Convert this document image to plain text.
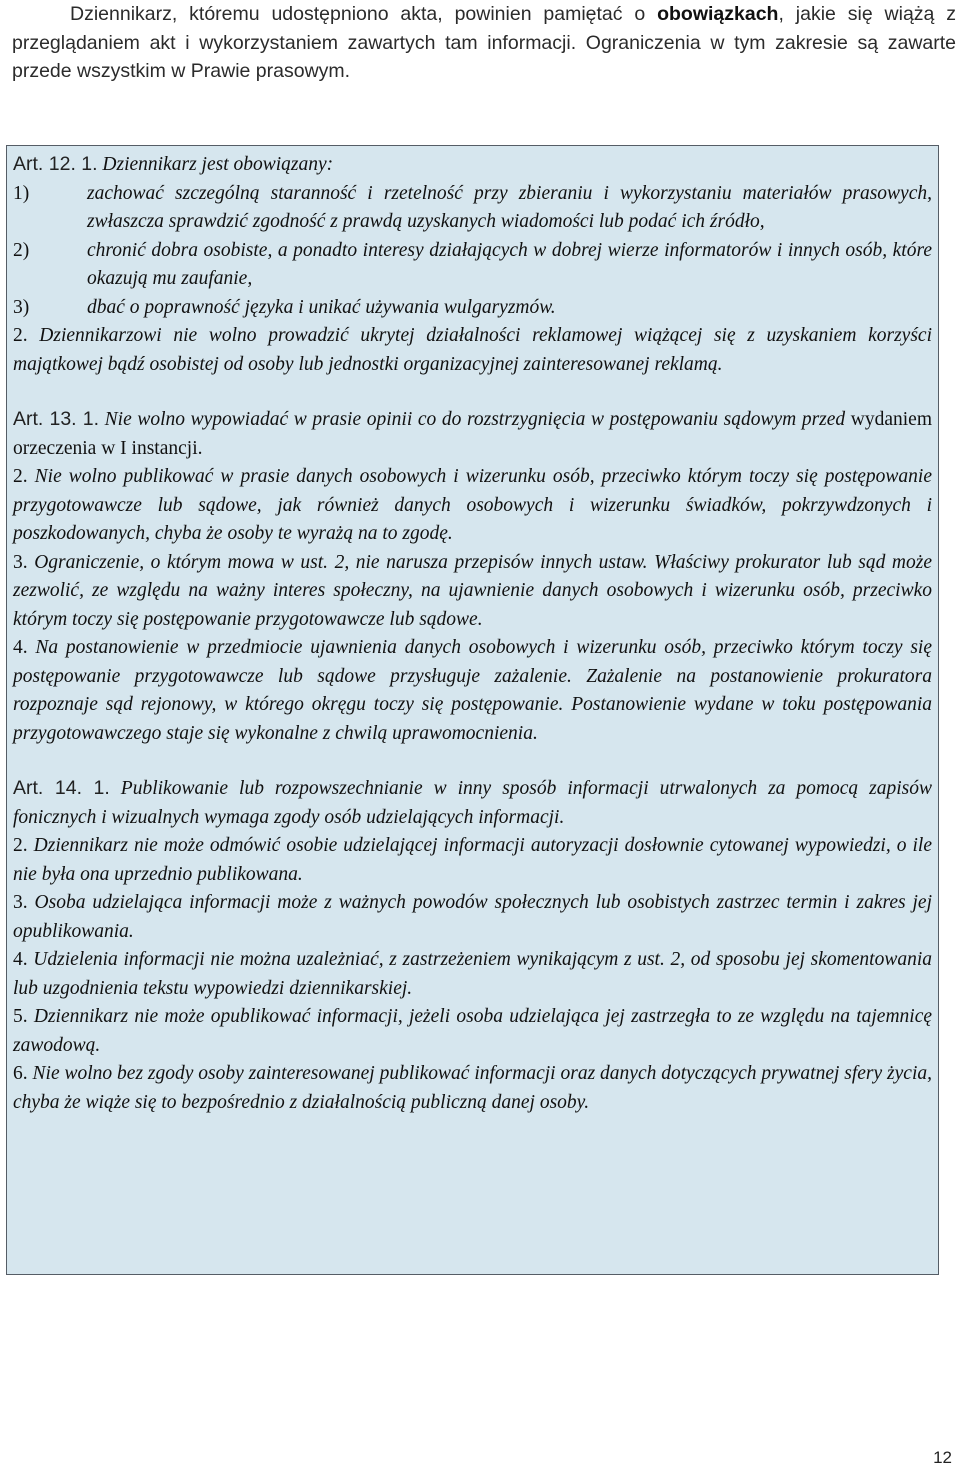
Dziennikarz, któremu udostępniono akta, powinien pamiętać o obowiązkach, jakie się wiążą z przeglądaniem akt i wykorzystaniem zawartych tam informacji. Ograniczenia w tym zakresie są zawarte przede wszystkim w Prawie prasowym.

Art. 12. 1. Dziennikarz jest obowiązany:

1)	zachować szczególną staranność i rzetelność przy zbieraniu i wykorzystaniu materiałów prasowych, zwłaszcza sprawdzić zgodność z prawdą uzyskanych wiadomości lub podać ich źródło,

2)	chronić dobra osobiste, a ponadto interesy działających w dobrej wierze informatorów i innych osób, które okazują mu zaufanie,

3)	dbać o poprawność języka i unikać używania wulgaryzmów.

2. Dziennikarzowi nie wolno prowadzić ukrytej działalności reklamowej wiążącej się z uzyskaniem korzyści majątkowej bądź osobistej od osoby lub jednostki organizacyjnej zainteresowanej reklamą.

Art. 13. 1. Nie wolno wypowiadać w prasie opinii co do rozstrzygnięcia w postępowaniu sądowym przed wydaniem orzeczenia w I instancji.

2. Nie wolno publikować w prasie danych osobowych i wizerunku osób, przeciwko którym toczy się postępowanie przygotowawcze lub sądowe, jak również danych osobowych i wizerunku świadków, pokrzywdzonych i poszkodowanych, chyba że osoby te wyrażą na to zgodę.

3. Ograniczenie, o którym mowa w ust. 2, nie narusza przepisów innych ustaw. Właściwy prokurator lub sąd może zezwolić, ze względu na ważny interes społeczny, na ujawnienie danych osobowych i wizerunku osób, przeciwko którym toczy się postępowanie przygotowawcze lub sądowe.

4. Na postanowienie w przedmiocie ujawnienia danych osobowych i wizerunku osób, przeciwko którym toczy się postępowanie przygotowawcze lub sądowe przysługuje zażalenie. Zażalenie na postanowienie prokuratora rozpoznaje sąd rejonowy, w którego okręgu toczy się postępowanie. Postanowienie wydane w toku postępowania przygotowawczego staje się wykonalne z chwilą uprawomocnienia.

Art. 14. 1. Publikowanie lub rozpowszechnianie w inny sposób informacji utrwalonych za pomocą zapisów fonicznych i wizualnych wymaga zgody osób udzielających informacji.

2. Dziennikarz nie może odmówić osobie udzielającej informacji autoryzacji dosłownie cytowanej wypowiedzi, o ile nie była ona uprzednio publikowana.

3. Osoba udzielająca informacji może z ważnych powodów społecznych lub osobistych zastrzec termin i zakres jej opublikowania.

4. Udzielenia informacji nie można uzależniać, z zastrzeżeniem wynikającym z ust. 2, od sposobu jej skomentowania lub uzgodnienia tekstu wypowiedzi dziennikarskiej.

5. Dziennikarz nie może opublikować informacji, jeżeli osoba udzielająca jej zastrzegła to ze względu na tajemnicę zawodową.

6. Nie wolno bez zgody osoby zainteresowanej publikować informacji oraz danych dotyczących prywatnej sfery życia, chyba że wiąże się to bezpośrednio z działalnością publiczną danej osoby.

12
